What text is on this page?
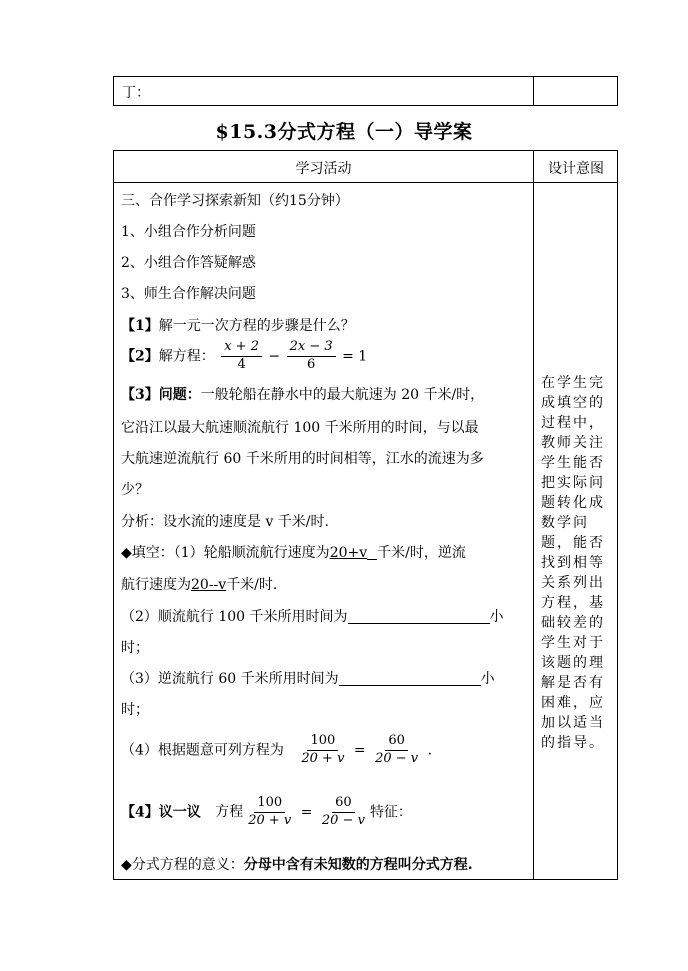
丁：
$15.3分式方程（一）导学案
学习活动	设计意图
三、合作学习探索新知（约15分钟）
1、小组合作分析问题
2、小组合作答疑解惑
3、师生合作解决问题
【1】解一元一次方程的步骤是什么？
【2】解方程： $\frac{x + 2}{4} - \frac{2x - 3}{6} = 1$
【3】问题：一般轮船在静水中的最大航速为 20 千米/时，
它沿江以最大航速顺流航行 100 千米所用的时间，与以最
大航速逆流航行 60 千米所用的时间相等，江水的流速为多
少？
分析：设水流的速度是 v 千米/时.
◆填空：（1）轮船顺流航行速度为20+v 千米/时，逆流
航行速度为20--v千米/时.
（2）顺流航行 100 千米所用时间为	小
时；
（3）逆流航行 60 千米所用时间为	小
时；
（4）根据题意可列方程为 $\frac{100}{20 + v} = \frac{60}{20 - v}$ .
【4】议一议 方程 $\frac{100}{20 + v} = \frac{60}{20 - v}$ 特征：
◆分式方程的意义：分母中含有未知数的方程叫分式方程.
在学生完成填空的过程中，教师关注学生能否把实际问题转化成数学问题，能否找到相等关系列出方程，基础较差的学生对于该题的理解是否有困难，应加以适当的指导。
